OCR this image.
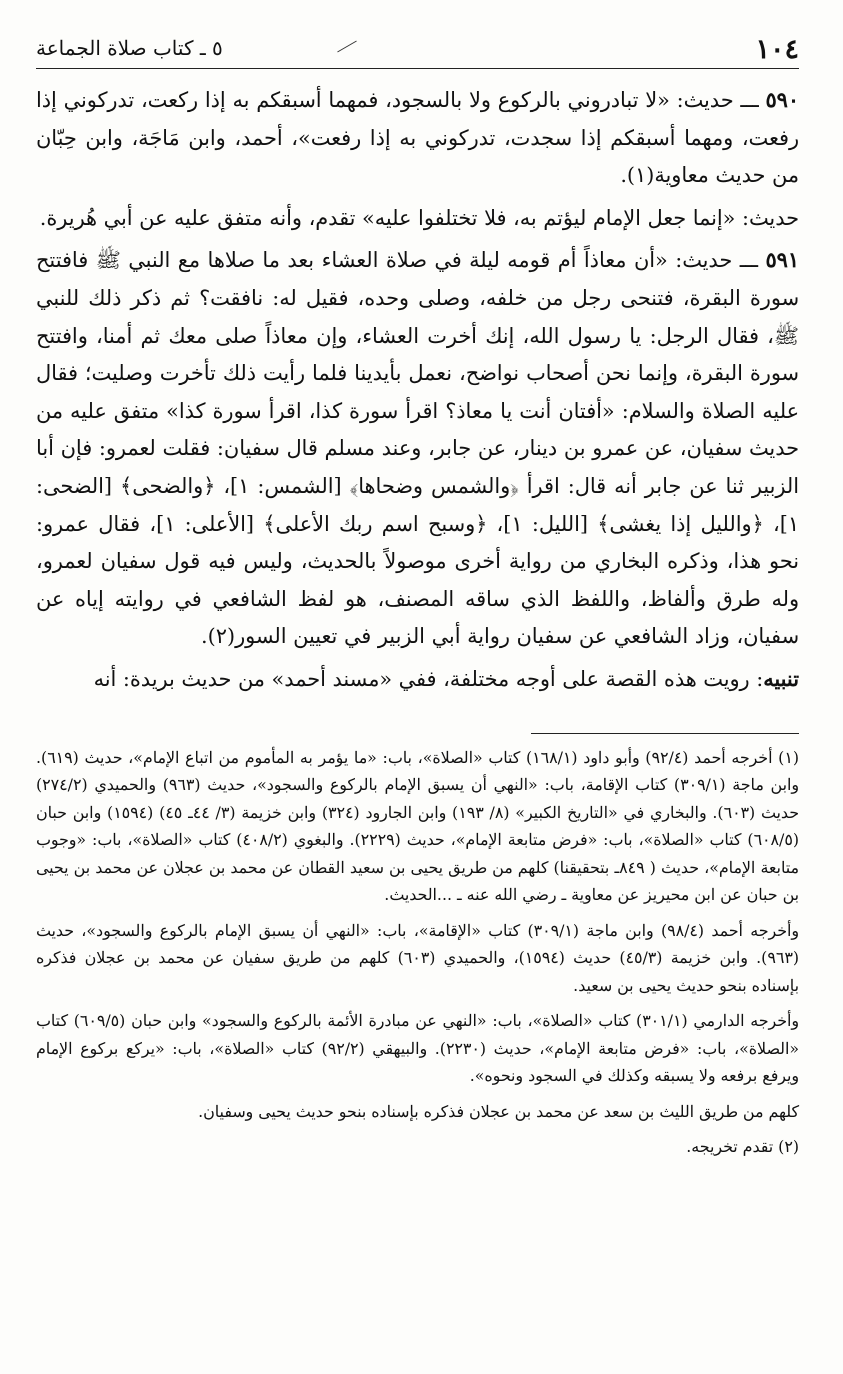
١٠٤
٥ ـ كتاب صلاة الجماعة

٥٩٠ ـــ حديث: «لا تبادروني بالركوع ولا بالسجود، فمهما أسبقكم به إذا ركعت، تدركوني إذا رفعت، ومهما أسبقكم إذا سجدت، تدركوني به إذا رفعت»، أحمد، وابن مَاجَة، وابن حِبّان من حديث معاوية(١).

حديث: «إنما جعل الإمام ليؤتم به، فلا تختلفوا عليه» تقدم، وأنه متفق عليه عن أبي هُريرة.

٥٩١ ـــ حديث: «أن معاذاً أم قومه ليلة في صلاة العشاء بعد ما صلاها مع النبي ﷺ فافتتح سورة البقرة، فتنحى رجل من خلفه، وصلى وحده، فقيل له: نافقت؟ ثم ذكر ذلك للنبي ﷺ، فقال الرجل: يا رسول الله، إنك أخرت العشاء، وإن معاذاً صلى معك ثم أمنا، وافتتح سورة البقرة، وإنما نحن أصحاب نواضح، نعمل بأيدينا فلما رأيت ذلك تأخرت وصليت؛ فقال عليه الصلاة والسلام: «أفتان أنت يا معاذ؟ اقرأ سورة كذا، اقرأ سورة كذا» متفق عليه من حديث سفيان، عن عمرو بن دينار، عن جابر، وعند مسلم قال سفيان: فقلت لعمرو: فإن أبا الزبير ثنا عن جابر أنه قال: اقرأ ﴿والشمس وضحاها﴾ [الشمس: ١]، ﴿والضحى﴾ [الضحى: ١]، ﴿والليل إذا يغشى﴾ [الليل: ١]، ﴿وسبح اسم ربك الأعلى﴾ [الأعلى: ١]، فقال عمرو: نحو هذا، وذكره البخاري من رواية أخرى موصولاً بالحديث، وليس فيه قول سفيان لعمرو، وله طرق وألفاظ، واللفظ الذي ساقه المصنف، هو لفظ الشافعي في روايته إياه عن سفيان، وزاد الشافعي عن سفيان رواية أبي الزبير في تعيين السور(٢).

تنبيه: رويت هذه القصة على أوجه مختلفة، ففي «مسند أحمد» من حديث بريدة: أنه

(١) أخرجه أحمد (٩٢/٤) وأبو داود (١٦٨/١) كتاب «الصلاة»، باب: «ما يؤمر به المأموم من اتباع الإمام»، حديث (٦١٩). وابن ماجة (٣٠٩/١) كتاب الإقامة، باب: «النهي أن يسبق الإمام بالركوع والسجود»، حديث (٩٦٣) والحميدي (٢٧٤/٢) حديث (٦٠٣). والبخاري في «التاريخ الكبير» (٨/ ١٩٣) وابن الجارود (٣٢٤) وابن خزيمة (٣/ ٤٤ـ ٤٥) (١٥٩٤) وابن حبان (٦٠٨/٥) كتاب «الصلاة»، باب: «فرض متابعة الإمام»، حديث (٢٢٢٩). والبغوي (٤٠٨/٢) كتاب «الصلاة»، باب: «وجوب متابعة الإمام»، حديث ( ٨٤٩ـ بتحقيقنا) كلهم من طريق يحيى بن سعيد القطان عن محمد بن عجلان عن محمد بن يحيى بن حبان عن ابن محيريز عن معاوية ـ رضي الله عنه ـ ...الحديث.

وأخرجه أحمد (٩٨/٤) وابن ماجة (٣٠٩/١) كتاب «الإقامة»، باب: «النهي أن يسبق الإمام بالركوع والسجود»، حديث (٩٦٣). وابن خزيمة (٤٥/٣) حديث (١٥٩٤)، والحميدي (٦٠٣) كلهم من طريق سفيان عن محمد بن عجلان فذكره بإسناده بنحو حديث يحيى بن سعيد.

وأخرجه الدارمي (٣٠١/١) كتاب «الصلاة»، باب: «النهي عن مبادرة الأئمة بالركوع والسجود» وابن حبان (٦٠٩/٥) كتاب «الصلاة»، باب: «فرض متابعة الإمام»، حديث (٢٢٣٠). والبيهقي (٩٢/٢) كتاب «الصلاة»، باب: «يركع بركوع الإمام ويرفع برفعه ولا يسبقه وكذلك في السجود ونحوه».

كلهم من طريق الليث بن سعد عن محمد بن عجلان فذكره بإسناده بنحو حديث يحيى وسفيان.

(٢) تقدم تخريجه.
